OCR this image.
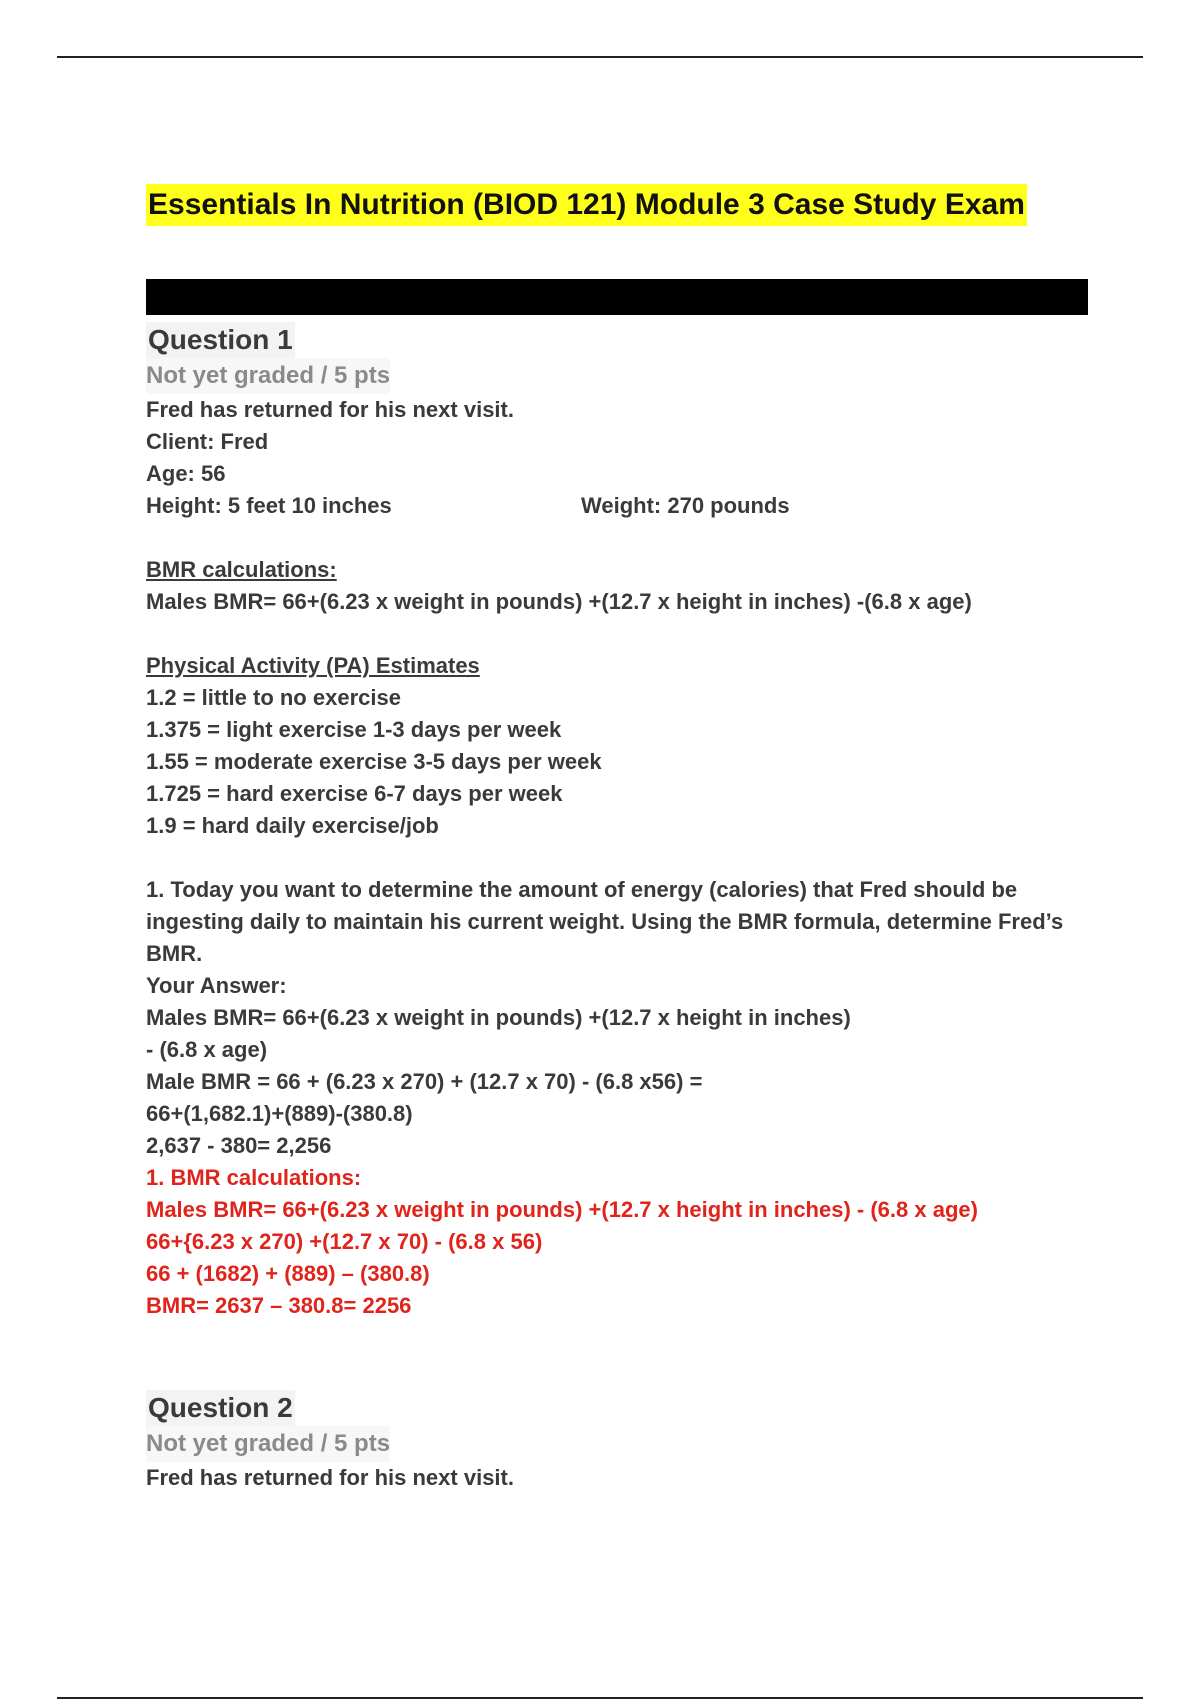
Essentials In Nutrition (BIOD 121) Module 3 Case Study Exam
Question 1
Not yet graded / 5 pts
Fred has returned for his next visit.
Client: Fred
Age: 56
Height: 5 feet 10 inches	Weight: 270 pounds
BMR calculations:
Males BMR= 66+(6.23 x weight in pounds) +(12.7 x height in inches) -(6.8 x age)
Physical Activity (PA) Estimates
1.2 = little to no exercise
1.375 = light exercise 1-3 days per week
1.55 = moderate exercise 3-5 days per week
1.725 = hard exercise 6-7 days per week
1.9 = hard daily exercise/job
1. Today you want to determine the amount of energy (calories) that Fred should be ingesting daily to maintain his current weight. Using the BMR formula, determine Fred’s BMR.
Your Answer:
Males BMR= 66+(6.23 x weight in pounds) +(12.7 x height in inches)
- (6.8 x age)
Male BMR = 66 + (6.23 x 270) + (12.7 x 70) - (6.8 x56) =
66+(1,682.1)+(889)-(380.8)
2,637 - 380= 2,256
1. BMR calculations:
Males BMR= 66+(6.23 x weight in pounds) +(12.7 x height in inches) - (6.8 x age)
66+{6.23 x 270) +(12.7 x 70) - (6.8 x 56)
66 + (1682) + (889) – (380.8)
BMR= 2637 – 380.8= 2256
Question 2
Not yet graded / 5 pts
Fred has returned for his next visit.
